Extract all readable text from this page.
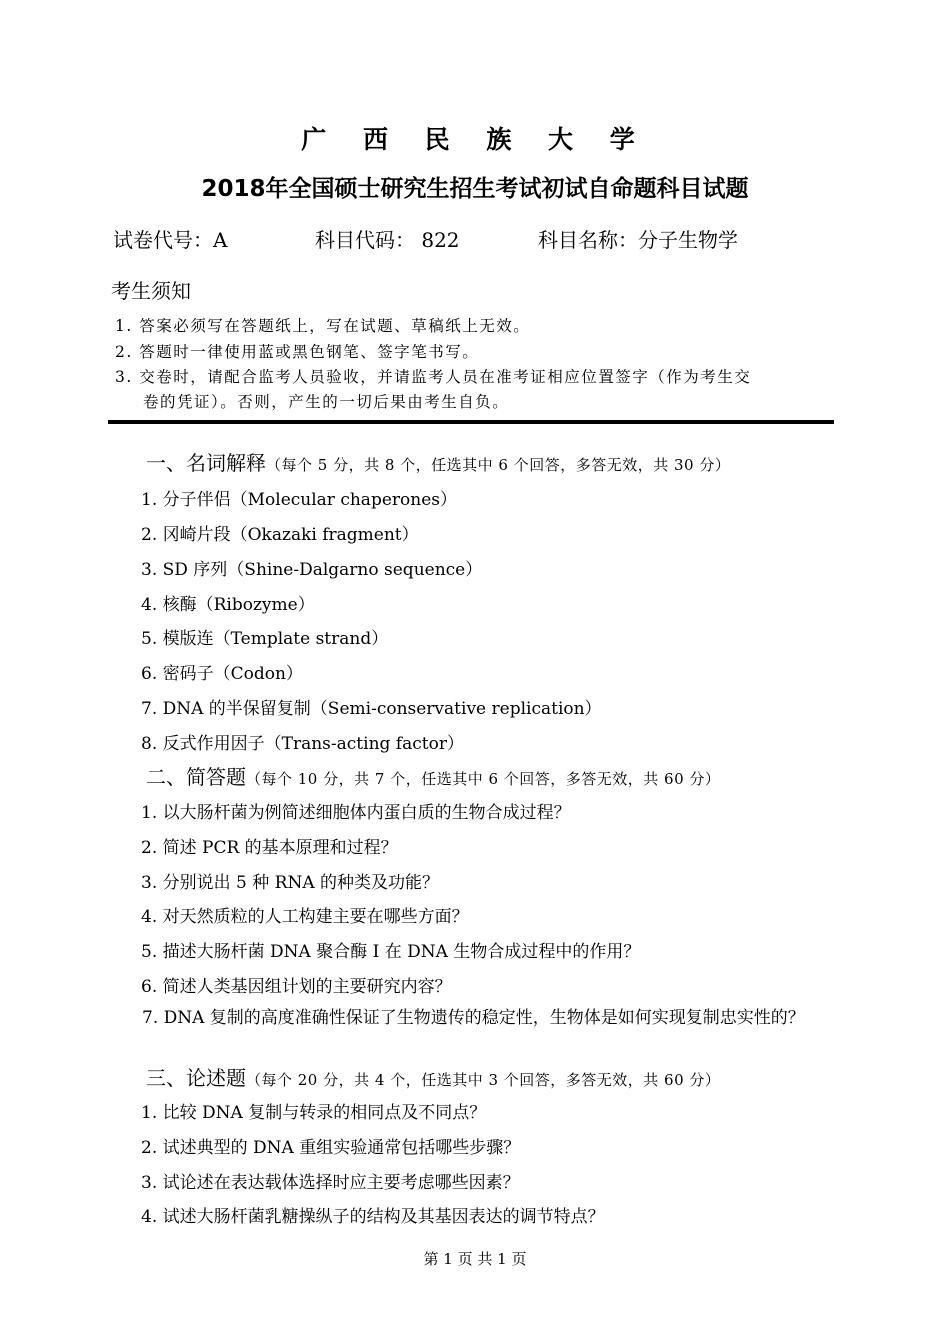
广 西 民 族 大 学
2018年全国硕士研究生招生考试初试自命题科目试题
试卷代号：A	科目代码： 822	科目名称：分子生物学
考生须知
1. 答案必须写在答题纸上，写在试题、草稿纸上无效。
2. 答题时一律使用蓝或黑色钢笔、签字笔书写。
3. 交卷时，请配合监考人员验收，并请监考人员在准考证相应位置签字（作为考生交
卷的凭证）。否则，产生的一切后果由考生自负。
一、名词解释（每个 5 分，共 8 个，任选其中 6 个回答，多答无效，共 30 分）
1. 分子伴侣（Molecular chaperones）
2. 冈崎片段（Okazaki fragment）
3. SD 序列（Shine-Dalgarno sequence）
4. 核酶（Ribozyme）
5. 模版连（Template strand）
6. 密码子（Codon）
7. DNA 的半保留复制（Semi-conservative replication）
8. 反式作用因子（Trans-acting factor）
二、简答题（每个 10 分，共 7 个，任选其中 6 个回答，多答无效，共 60 分）
1. 以大肠杆菌为例简述细胞体内蛋白质的生物合成过程？
2. 简述 PCR 的基本原理和过程？
3. 分别说出 5 种 RNA 的种类及功能？
4. 对天然质粒的人工构建主要在哪些方面？
5. 描述大肠杆菌 DNA 聚合酶 I 在 DNA 生物合成过程中的作用？
6. 简述人类基因组计划的主要研究内容？
7. DNA 复制的高度准确性保证了生物遗传的稳定性，生物体是如何实现复制忠实性的？
三、论述题（每个 20 分，共 4 个，任选其中 3 个回答，多答无效，共 60 分）
1. 比较 DNA 复制与转录的相同点及不同点？
2. 试述典型的 DNA 重组实验通常包括哪些步骤？
3. 试论述在表达载体选择时应主要考虑哪些因素？
4. 试述大肠杆菌乳糖操纵子的结构及其基因表达的调节特点？
第 1 页 共 1 页
